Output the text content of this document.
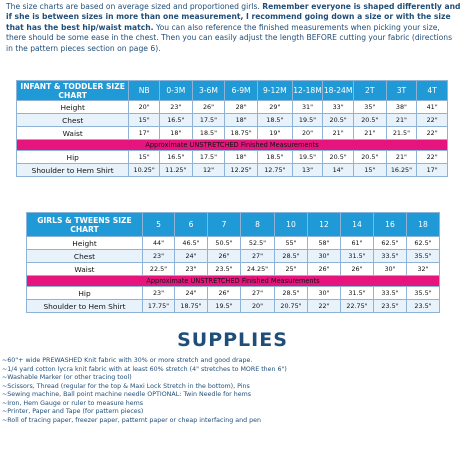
The size charts are based on average sized and proportioned girls. Remember everyone is shaped differently and if she is between sizes in more than one measurement, I recommend going down a size or with the size that has the best hip/waist match. You can also reference the finished measurements when picking your size, there should be some ease in the chest. Then you can easily adjust the length BEFORE cutting your fabric (directions in the pattern pieces section on page 6).
INFANT & TODDLER SIZE CHART	NB	0-3M	3-6M	6-9M	9-12M	12-18M	18-24M	2T	3T	4T
Height	20"	23"	26"	28"	29"	31"	33"	35"	38"	41"
Chest	15"	16.5"	17.5"	18"	18.5"	19.5"	20.5"	20.5"	21"	22"
Waist	17"	18"	18.5"	18.75"	19"	20"	21"	21"	21.5"	22"
Approximate UNSTRETCHED Finished Measurements										
Hip	15"	16.5"	17.5"	18"	18.5"	19.5"	20.5"	20.5"	21"	22"
Shoulder to Hem Shirt	10.25"	11.25"	12"	12.25"	12.75"	13"	14"	15"	16.25"	17"
GIRLS & TWEENS SIZE CHART	5	6	7	8	10	12	14	16	18
Height	44"	46.5"	50.5"	52.5"	55"	58"	61"	62.5"	62.5"
Chest	23"	24"	26"	27"	28.5"	30"	31.5"	33.5"	35.5"
Waist	22.5"	23"	23.5"	24.25"	25"	26"	26"	30"	32"
Approximate UNSTRETCHED Finished Measurements									
Hip	23"	24"	26"	27"	28.5"	30"	31.5"	33.5"	35.5"
Shoulder to Hem Shirt	17.75"	18.75"	19.5"	20"	20.75"	22"	22.75"	23.5"	23.5"
SUPPLIES
~60"+ wide PREWASHED Knit fabric with 30% or more stretch and good drape.
~1/4 yard cotton lycra knit fabric with at least 60% stretch (4" stretches to MORE then 6")
~Washable Marker (or other tracing tool)
~Scissors, Thread (regular for the top & Maxi Lock Stretch in the bottom), Pins
~Sewing machine, Ball point machine needle OPTIONAL: Twin Needle for hems
~Iron, Hem Gauge or ruler to measure hems
~Printer, Paper and Tape (for pattern pieces)
~Roll of tracing paper, freezer paper, patternt paper or cheap interfacing and pen
